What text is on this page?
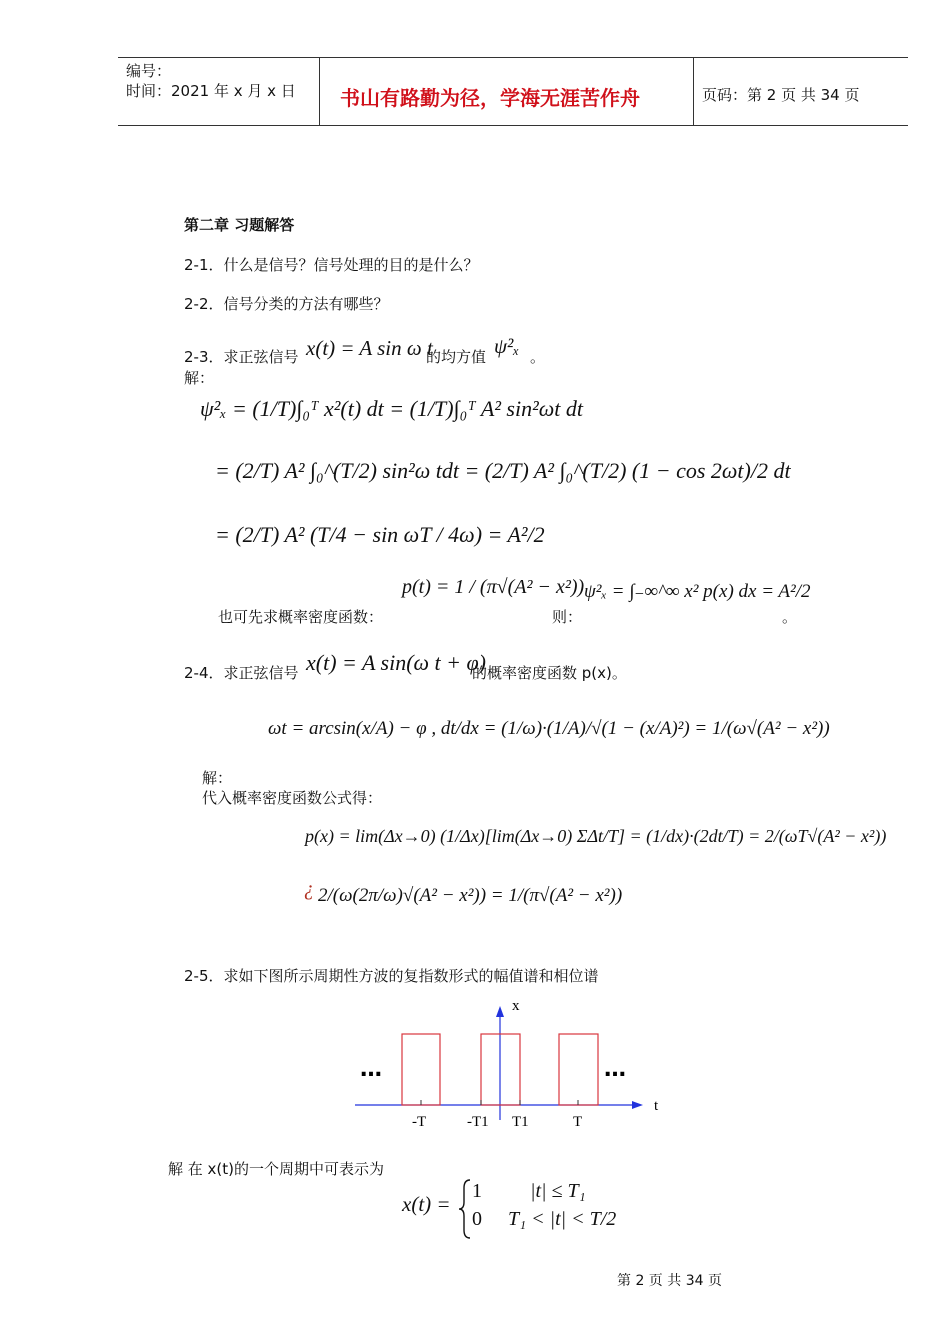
编号：
时间：2021 年 x 月 x 日 书山有路勤为径，学海无涯苦作舟	页码：第 2 页 共 34 页
第二章 习题解答
2-1．什么是信号？信号处理的目的是什么？
2-2．信号分类的方法有哪些？
2-3．求正弦信号 x(t) = A sin ω t
的均方值 ψ²ₓ 。
解：
ψ²ₓ = (1/T)∫₀ᵀ x²(t) dt = (1/T)∫₀ᵀ A² sin²ωt dt
= (2/T) A² ∫₀^(T/2) sin²ω tdt = (2/T) A² ∫₀^(T/2) (1 − cos 2ωt)/2 dt
= (2/T) A² (T/4 − sin ωT / 4ω) = A²/2
p(t) = 1 / (π√(A² − x²))
也可先求概率密度函数：	则：
ψ²ₓ = ∫₋∞^∞ x² p(x) dx = A²/2
。
2-4．求正弦信号 x(t) = A sin(ω t + φ)
的概率密度函数 p(x)。
ωt = arcsin(x/A) − φ , dt/dx = (1/ω)·(1/A)/√(1 − (x/A)²) = 1/(ω√(A² − x²))
解：
代入概率密度函数公式得：
p(x) = lim(Δx→0) (1/Δx)[lim(Δx→0) ΣΔt/T] = (1/dx)·(2dt/T) = 2/(ωT√(A² − x²))
¿ 2/(ω(2π/ω)√(A² − x²)) = 1/(π√(A² − x²))
2-5．求如下图所示周期性方波的复指数形式的幅值谱和相位谱
x
t
…	…
-T	-T1 T1	T
解 在 x(t)的一个周期中可表示为
x(t) =
1 |t| ≤ T₁
0 T₁ < |t| < T/2
第 2 页 共 34 页
